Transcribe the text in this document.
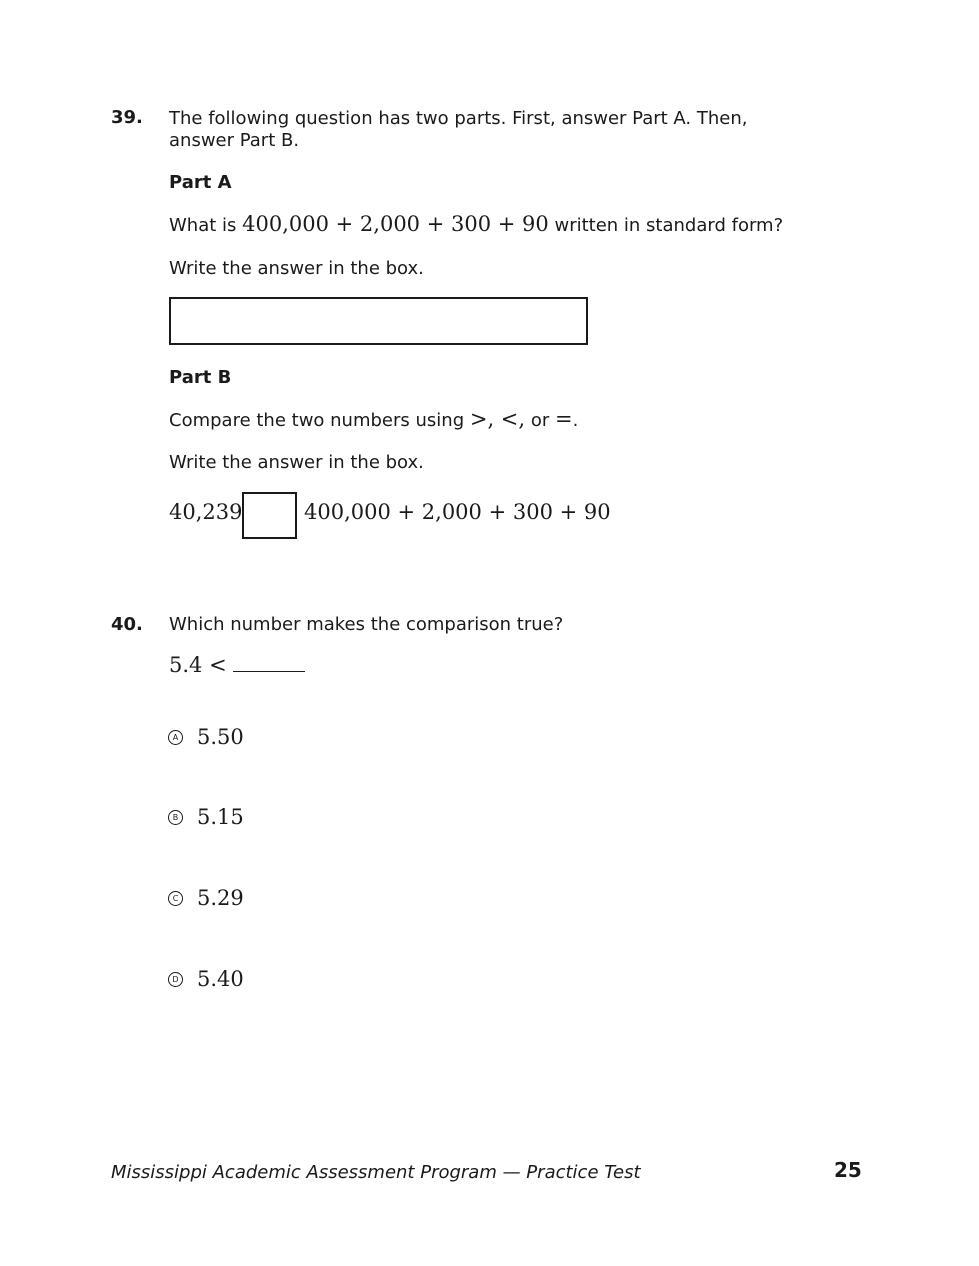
39. The following question has two parts. First, answer Part A. Then,
answer Part B.
Part A
What is 400,000 + 2,000 + 300 + 90 written in standard form?
Write the answer in the box.
Part B
Compare the two numbers using >, <, or =.
Write the answer in the box.
40,239	400,000 + 2,000 + 300 + 90
40. Which number makes the comparison true?
5.4 <
A 5.50
B 5.15
C 5.29
D 5.40
Mississippi Academic Assessment Program — Practice Test	25
